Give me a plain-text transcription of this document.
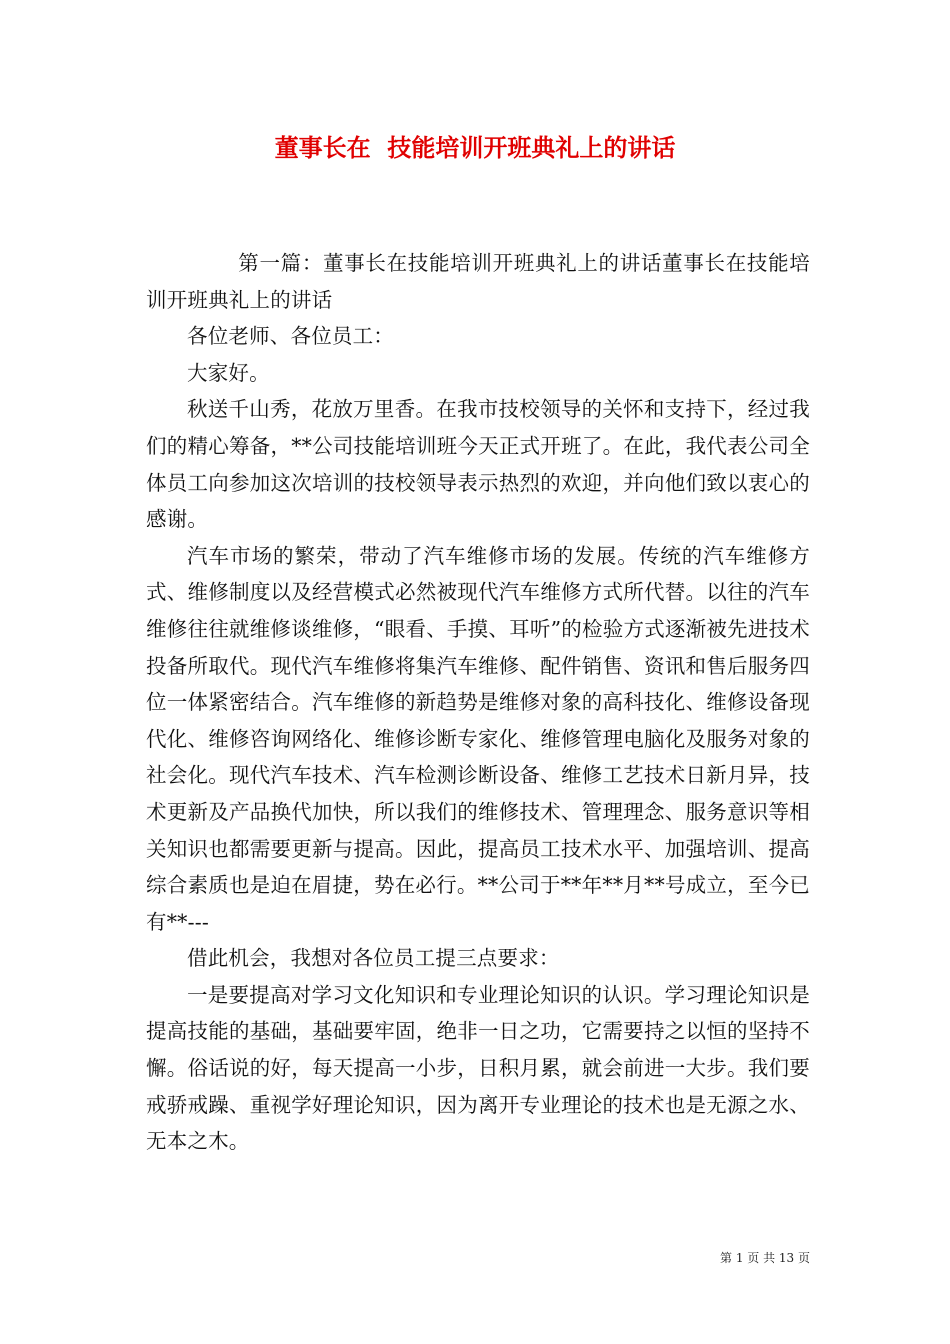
董事长在  技能培训开班典礼上的讲话

第一篇：董事长在技能培训开班典礼上的讲话董事长在技能培训开班典礼上的讲话

各位老师、各位员工：

大家好。

秋送千山秀，花放万里香。在我市技校领导的关怀和支持下，经过我们的精心筹备，**公司技能培训班今天正式开班了。在此，我代表公司全体员工向参加这次培训的技校领导表示热烈的欢迎，并向他们致以衷心的感谢。

汽车市场的繁荣，带动了汽车维修市场的发展。传统的汽车维修方式、维修制度以及经营模式必然被现代汽车维修方式所代替。以往的汽车维修往往就维修谈维修，“眼看、手摸、耳听”的检验方式逐渐被先进技术投备所取代。现代汽车维修将集汽车维修、配件销售、资讯和售后服务四位一体紧密结合。汽车维修的新趋势是维修对象的高科技化、维修设备现代化、维修咨询网络化、维修诊断专家化、维修管理电脑化及服务对象的社会化。现代汽车技术、汽车检测诊断设备、维修工艺技术日新月异，技术更新及产品换代加快，所以我们的维修技术、管理理念、服务意识等相关知识也都需要更新与提高。因此，提高员工技术水平、加强培训、提高综合素质也是迫在眉捷，势在必行。**公司于**年**月**号成立，至今已有**---

借此机会，我想对各位员工提三点要求：

一是要提高对学习文化知识和专业理论知识的认识。学习理论知识是提高技能的基础，基础要牢固，绝非一日之功，它需要持之以恒的坚持不懈。俗话说的好，每天提高一小步，日积月累，就会前进一大步。我们要戒骄戒躁、重视学好理论知识，因为离开专业理论的技术也是无源之水、无本之木。

第 1 页 共 13 页
